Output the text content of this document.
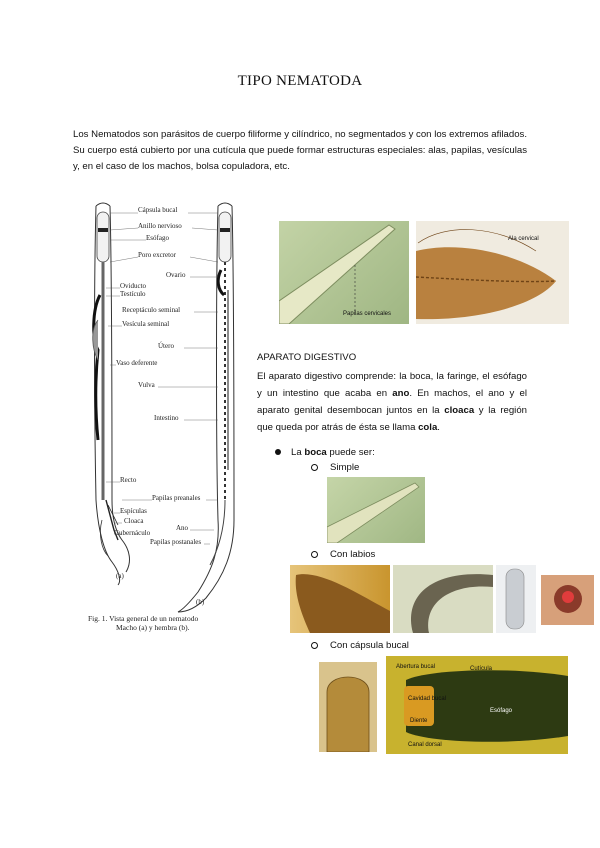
TIPO NEMATODA
Los Nematodos son parásitos de cuerpo filiforme y cilíndrico, no segmentados y con los extremos afilados. Su cuerpo está cubierto por una cutícula que puede formar estructuras especiales: alas, papilas, vesículas y, en el caso de los machos, bolsa copuladora, etc.
Cápsula bucal
Anillo nervioso
Esófago
Poro excretor
Ovario
Oviducto
Testículo
Receptáculo seminal
Vesícula seminal
Útero
Vaso deferente
Vulva
Intestino
Recto
Papilas preanales
Espículas
Cloaca
Ano
Gubernáculo
Papilas postanales
(a)
(b)
Fig. 1. Vista general de un nematodo
Macho (a) y hembra (b).
Papilas cervicales
Ala cervical
APARATO DIGESTIVO
El aparato digestivo comprende: la boca, la faringe, el esófago y un intestino que acaba en ano. En machos, el ano y el aparato genital desembocan juntos en la cloaca y la región que queda por atrás de ésta se llama cola.
La boca puede ser:
Simple
Con labios
Con cápsula bucal
Abertura bucal
Cavidad bucal
Diente
Canal dorsal
Cutícula
Esófago
